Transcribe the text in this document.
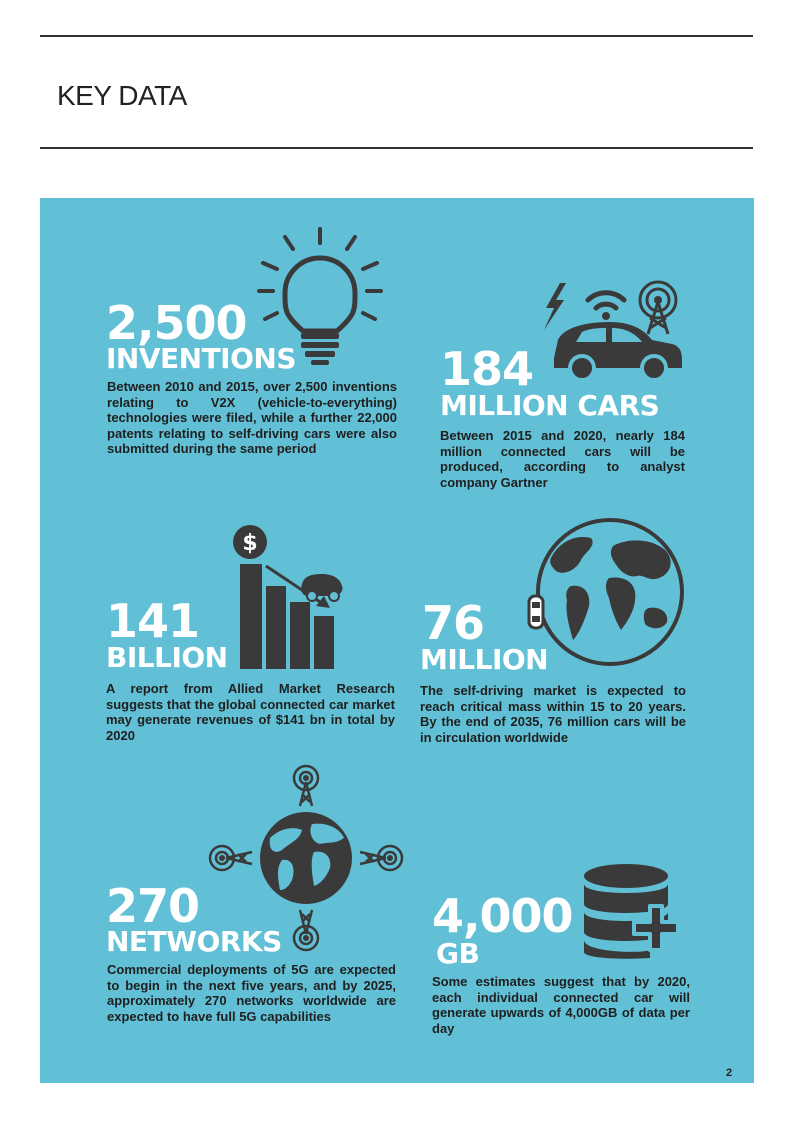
KEY DATA
2,500
INVENTIONS
Between 2010 and 2015, over 2,500 inventions relating to V2X (vehicle-to-everything) technologies were filed, while a further 22,000 patents relating to self-driving cars were also submitted during the same period
184
MILLION CARS
Between 2015 and 2020, nearly 184 million connected cars will be produced, according to analyst company Gartner
$
141
BILLION
A report from Allied Market Research suggests that the global connected car market may generate revenues of $141 bn in total by 2020
76
MILLION
The self-driving market is expected to reach critical mass within 15 to 20 years. By the end of 2035, 76 million cars will be in circulation worldwide
270
NETWORKS
Commercial deployments of 5G are expected to begin in the next five years, and by 2025, approximately 270 networks worldwide are expected to have full 5G capabilities
4,000
GB
Some estimates suggest that by 2020, each individual connected car will generate upwards of 4,000GB of data per day
2
